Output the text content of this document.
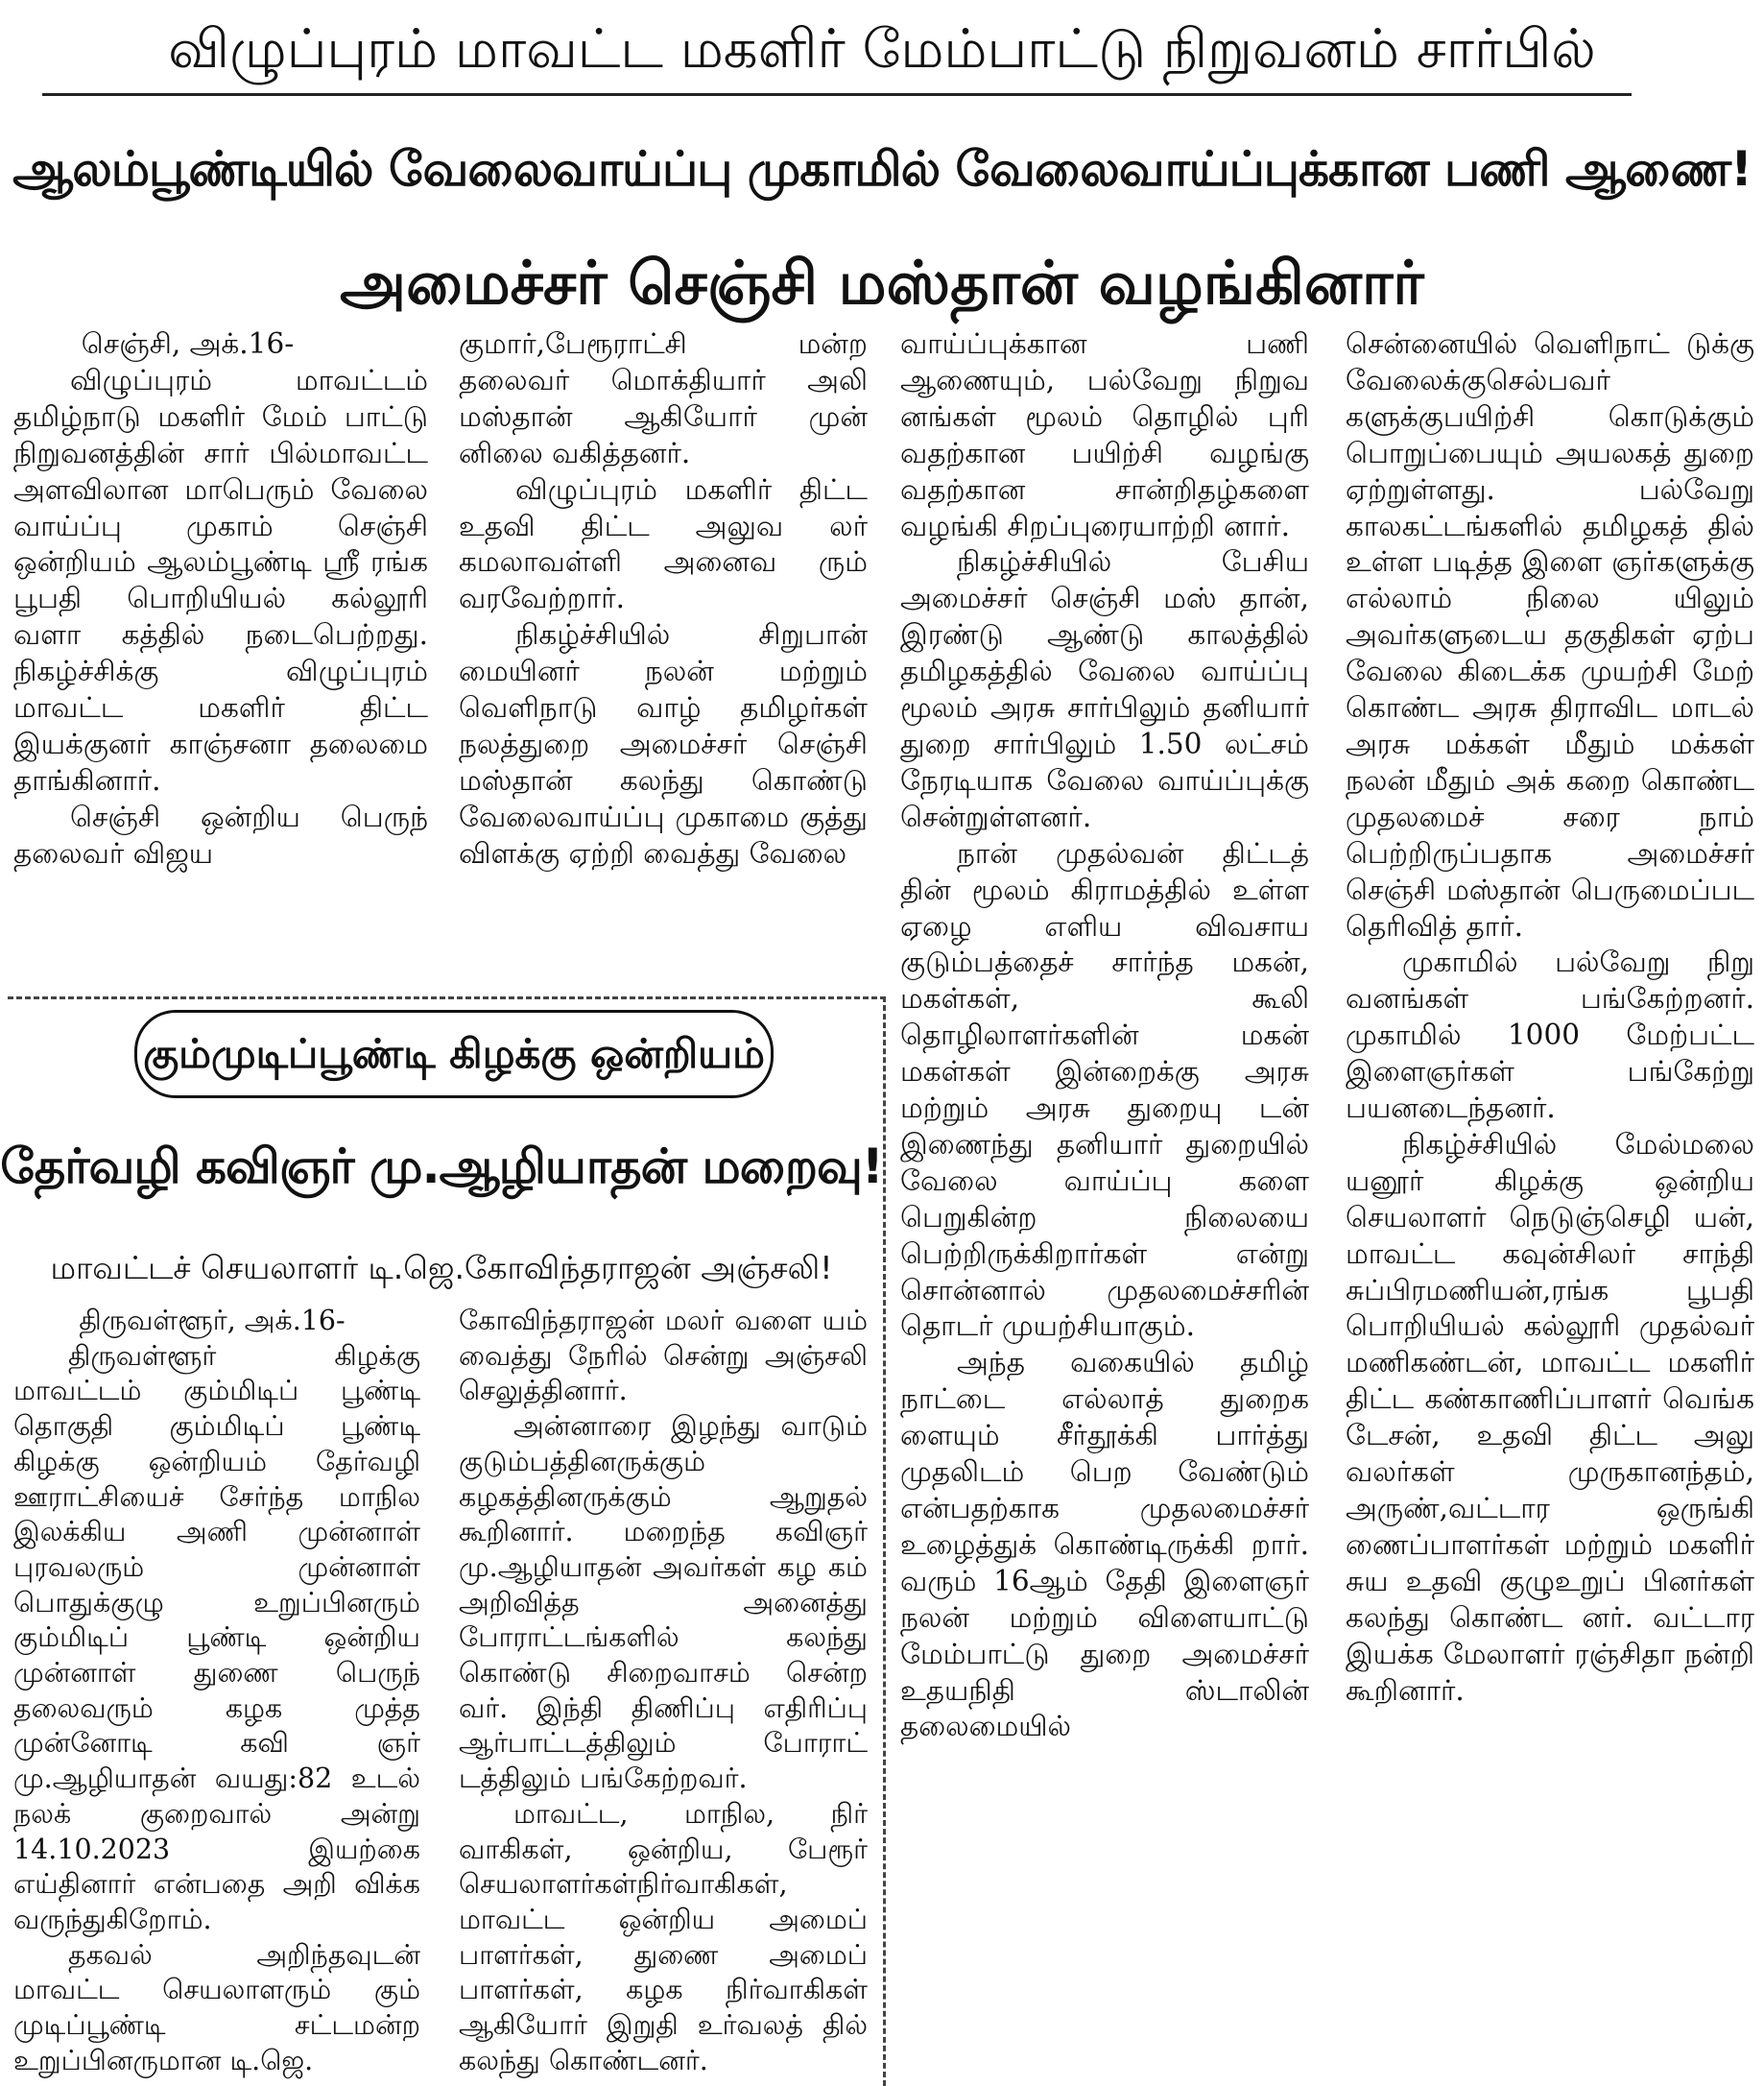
விழுப்புரம் மாவட்ட மகளிர் மேம்பாட்டு நிறுவனம் சார்பில்
ஆலம்பூண்டியில் வேலைவாய்ப்பு முகாமில் வேலைவாய்ப்புக்கான பணி ஆணை!
அமைச்சர் செஞ்சி மஸ்தான் வழங்கினார்

செஞ்சி, அக்.16-

விழுப்புரம் மாவட்டம் தமிழ்நாடு மகளிர் மேம் பாட்டு நிறுவனத்தின் சார் பில்மாவட்ட அளவிலான மாபெரும் வேலை வாய்ப்பு முகாம் செஞ்சி ஒன்றியம் ஆலம்பூண்டி ஸ்ரீ ரங்க பூபதி பொறியியல் கல்லூரி வளா கத்தில் நடைபெற்றது. நிகழ்ச்சிக்கு விழுப்புரம் மாவட்ட மகளிர் திட்ட இயக்குனர் காஞ்சனா தலைமை தாங்கினார்.

செஞ்சி ஒன்றிய பெருந் தலைவர் விஜய

குமார்,பேரூராட்சி மன்ற தலைவர் மொக்தியார் அலி மஸ்தான் ஆகியோர் முன் னிலை வகித்தனர்.

விழுப்புரம் மகளிர் திட்ட உதவி திட்ட அலுவ லர் கமலாவள்ளி அனைவ ரும் வரவேற்றார்.

நிகழ்ச்சியில் சிறுபான் மையினர் நலன் மற்றும் வெளிநாடு வாழ் தமிழர்கள் நலத்துறை அமைச்சர் செஞ்சி மஸ்தான் கலந்து கொண்டு வேலைவாய்ப்பு முகாமை குத்து விளக்கு ஏற்றி வைத்து வேலை

வாய்ப்புக்கான பணி ஆணையும், பல்வேறு நிறுவ னங்கள் மூலம் தொழில் புரி வதற்கான பயிற்சி வழங்கு வதற்கான சான்றிதழ்களை வழங்கி சிறப்புரையாற்றி னார்.

நிகழ்ச்சியில் பேசிய அமைச்சர் செஞ்சி மஸ் தான், இரண்டு ஆண்டு காலத்தில் தமிழகத்தில் வேலை வாய்ப்பு மூலம் அரசு சார்பிலும் தனியார் துறை சார்பிலும் 1.50 லட்சம் நேரடியாக வேலை வாய்ப்புக்கு சென்றுள்ளனர்.

நான் முதல்வன் திட்டத் தின் மூலம் கிராமத்தில் உள்ள ஏழை எளிய விவசாய குடும்பத்தைச் சார்ந்த மகன், மகள்கள், கூலி தொழிலாளர்களின் மகன் மகள்கள் இன்றைக்கு அரசு மற்றும் அரசு துறையு டன் இணைந்து தனியார் துறையில் வேலை வாய்ப்பு களை பெறுகின்ற நிலையை பெற்றிருக்கிறார்கள் என்று சொன்னால் முதலமைச்சரின் தொடர் முயற்சியாகும்.

அந்த வகையில் தமிழ் நாட்டை எல்லாத் துறைக ளையும் சீர்தூக்கி பார்த்து முதலிடம் பெற வேண்டும் என்பதற்காக முதலமைச்சர் உழைத்துக் கொண்டிருக்கி றார். வரும் 16ஆம் தேதி இளைஞர் நலன் மற்றும் விளையாட்டு மேம்பாட்டு துறை அமைச்சர் உதயநிதி ஸ்டாலின் தலைமையில்

சென்னையில் வெளிநாட் டுக்கு வேலைக்குசெல்பவர் களுக்குபயிற்சி கொடுக்கும் பொறுப்பையும் அயலகத் துறை ஏற்றுள்ளது. பல்வேறு காலகட்டங்களில் தமிழகத் தில் உள்ள படித்த இளை ஞர்களுக்கு எல்லாம் நிலை யிலும் அவர்களுடைய தகுதிகள் ஏற்ப வேலை கிடைக்க முயற்சி மேற் கொண்ட அரசு திராவிட மாடல் அரசு மக்கள் மீதும் மக்கள் நலன் மீதும் அக் கறை கொண்ட முதலமைச் சரை நாம் பெற்றிருப்பதாக அமைச்சர் செஞ்சி மஸ்தான் பெருமைப்பட தெரிவித் தார்.

முகாமில் பல்வேறு நிறு வனங்கள் பங்கேற்றனர். முகாமில் 1000 மேற்பட்ட இளைஞர்கள் பங்கேற்று பயனடைந்தனர்.

நிகழ்ச்சியில் மேல்மலை யனூர் கிழக்கு ஒன்றிய செயலாளர் நெடுஞ்செழி யன், மாவட்ட கவுன்சிலர் சாந்தி சுப்பிரமணியன்,ரங்க பூபதி பொறியியல் கல்லூரி முதல்வர் மணிகண்டன், மாவட்ட மகளிர் திட்ட கண்காணிப்பாளர் வெங்க டேசன், உதவி திட்ட அலு வலர்கள் முருகானந்தம், அருண்,வட்டார ஒருங்கி ணைப்பாளர்கள் மற்றும் மகளிர் சுய உதவி குழுஉறுப் பினர்கள் கலந்து கொண்ட னர். வட்டார இயக்க மேலாளர் ரஞ்சிதா நன்றி கூறினார்.

கும்முடிப்பூண்டி கிழக்கு ஒன்றியம்
தேர்வழி கவிஞர் மு.ஆழியாதன் மறைவு!
மாவட்டச் செயலாளர் டி.ஜெ.கோவிந்தராஜன் அஞ்சலி!

திருவள்ளூர், அக்.16-

திருவள்ளூர் கிழக்கு மாவட்டம் கும்மிடிப் பூண்டி தொகுதி கும்மிடிப் பூண்டி கிழக்கு ஒன்றியம் தேர்வழி ஊராட்சியைச் சேர்ந்த மாநில இலக்கிய அணி முன்னாள் புரவலரும் முன்னாள் பொதுக்குழு உறுப்பினரும் கும்மிடிப் பூண்டி ஒன்றிய முன்னாள் துணை பெருந் தலைவரும் கழக முத்த முன்னோடி கவி ஞர் மு.ஆழியாதன் வயது:82 உடல் நலக் குறைவால் அன்று 14.10.2023 இயற்கை எய்தினார் என்பதை அறி விக்க வருந்துகிறோம்.

தகவல் அறிந்தவுடன் மாவட்ட செயலாளரும் கும் முடிப்பூண்டி சட்டமன்ற உறுப்பினருமான டி.ஜெ.

கோவிந்தராஜன் மலர் வளை யம் வைத்து நேரில் சென்று அஞ்சலி செலுத்தினார்.

அன்னாரை இழந்து வாடும் குடும்பத்தினருக்கும் கழகத்தினருக்கும் ஆறுதல் கூறினார். மறைந்த கவிஞர் மு.ஆழியாதன் அவர்கள் கழ கம் அறிவித்த அனைத்து போராட்டங்களில் கலந்து கொண்டு சிறைவாசம் சென்ற வர். இந்தி திணிப்பு எதிரிப்பு ஆர்பாட்டத்திலும் போராட் டத்திலும் பங்கேற்றவர்.

மாவட்ட, மாநில, நிர் வாகிகள், ஒன்றிய, பேரூர் செயலாளர்கள்நிர்வாகிகள், மாவட்ட ஒன்றிய அமைப் பாளர்கள், துணை அமைப் பாளர்கள், கழக நிர்வாகிகள் ஆகியோர் இறுதி உர்வலத் தில் கலந்து கொண்டனர்.
